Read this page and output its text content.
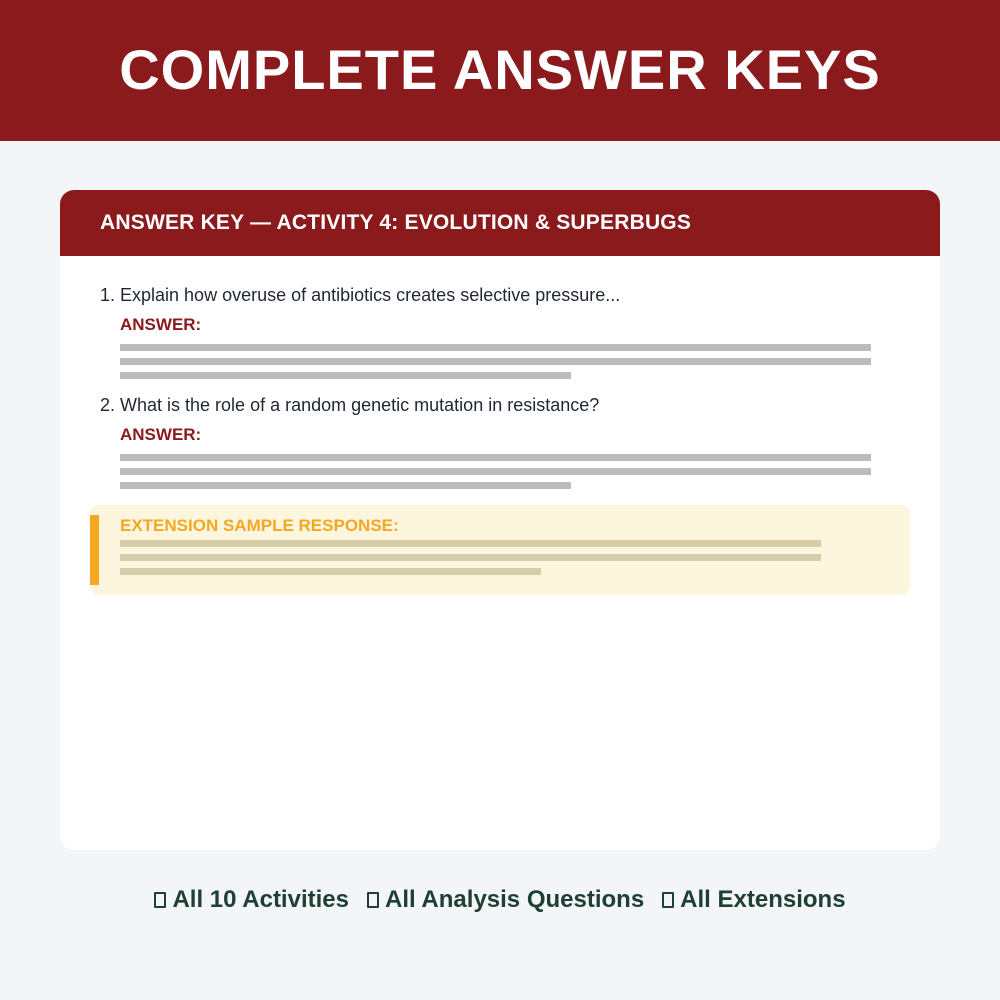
COMPLETE ANSWER KEYS
ANSWER KEY — ACTIVITY 4: EVOLUTION & SUPERBUGS
1. Explain how overuse of antibiotics creates selective pressure...
ANSWER:
2. What is the role of a random genetic mutation in resistance?
ANSWER:
EXTENSION SAMPLE RESPONSE:
All 10 Activities All Analysis Questions All Extensions
